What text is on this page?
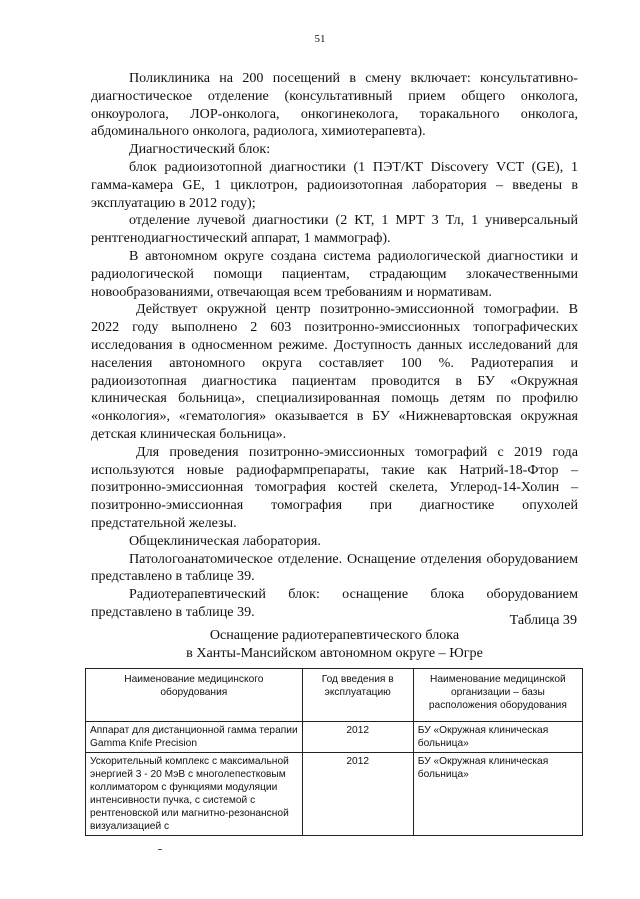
51

Поликлиника на 200 посещений в смену включает: консультативно-диагностическое отделение (консультативный прием общего онколога, онкоуролога, ЛОР-онколога, онкогинеколога, торакального онколога, абдоминального онколога, радиолога, химиотерапевта).

Диагностический блок:

блок радиоизотопной диагностики (1 ПЭТ/КТ Discovery VCT (GE), 1 гамма-камера GE, 1 циклотрон, радиоизотопная лаборатория – введены в эксплуатацию в 2012 году);

отделение лучевой диагностики (2 КТ, 1 МРТ 3 Тл, 1 универсальный рентгенодиагностический аппарат, 1 маммограф).

В автономном округе создана система радиологической диагностики и радиологической помощи пациентам, страдающим злокачественными новообразованиями, отвечающая всем требованиям и нормативам.

Действует окружной центр позитронно-эмиссионной томографии. В 2022 году выполнено 2 603 позитронно-эмиссионных топографических исследования в односменном режиме. Доступность данных исследований для населения автономного округа составляет 100 %. Радиотерапия и радиоизотопная диагностика пациентам проводится в БУ «Окружная клиническая больница», специализированная помощь детям по профилю «онкология», «гематология» оказывается в БУ «Нижневартовская окружная детская клиническая больница».

Для проведения позитронно-эмиссионных томографий с 2019 года используются новые радиофармпрепараты, такие как Натрий-18-Фтор – позитронно-эмиссионная томография костей скелета, Углерод-14-Холин – позитронно-эмиссионная томография при диагностике опухолей предстательной железы.

Общеклиническая лаборатория.

Патологоанатомическое отделение. Оснащение отделения оборудованием представлено в таблице 39.

Радиотерапевтический блок: оснащение блока оборудованием представлено в таблице 39.

Таблица 39
Оснащение радиотерапевтического блока
в Ханты-Мансийском автономном округе – Югре
Наименование медицинского оборудования	Год введения в эксплуатацию	Наименование медицинской организации – базы расположения оборудования
Аппарат для дистанционной гамма терапии Gamma Knife Precision	2012	БУ «Окружная клиническая больница»
Ускорительный комплекс с максимальной энергией 3 - 20 МэВ с многолепестковым коллиматором с функциями модуляции интенсивности пучка, с системой с рентгеновской или магнитно-резонансной визуализацией с	2012	БУ «Окружная клиническая больница»
